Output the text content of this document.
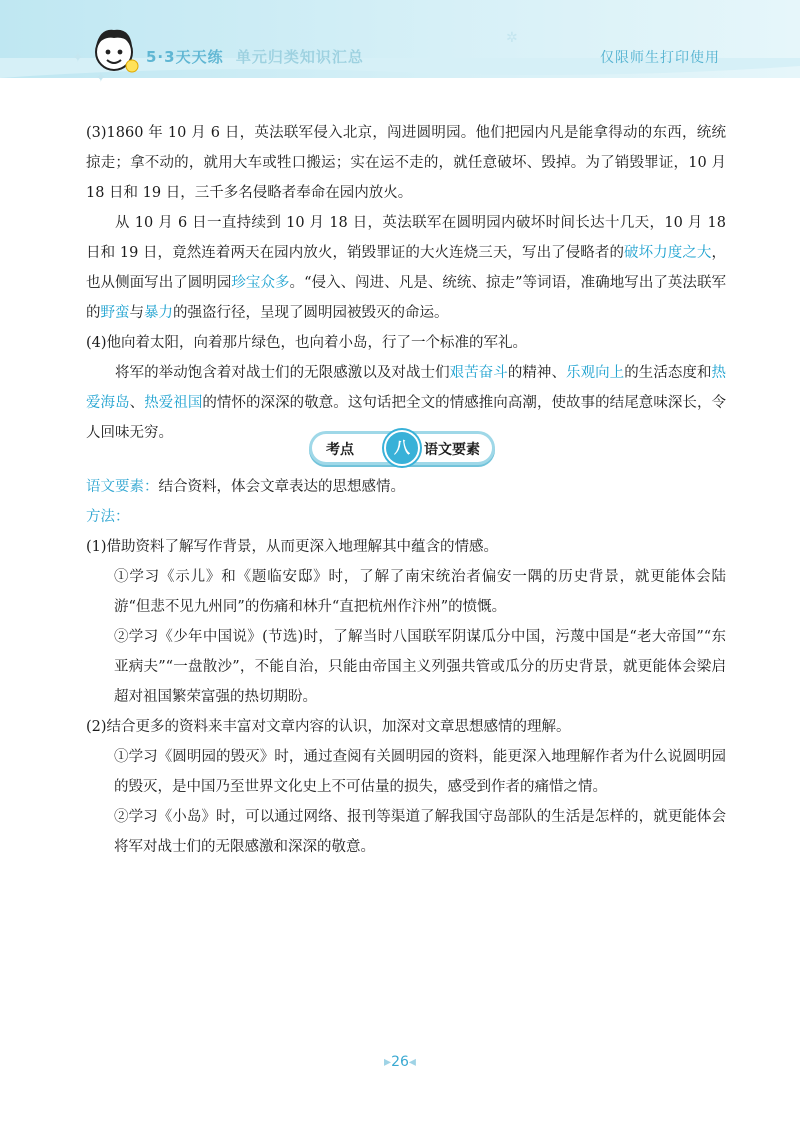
✦
✲
✦
5·3天天练 单元归类知识汇总	仅限师生打印使用

(3)1860 年 10 月 6 日，英法联军侵入北京，闯进圆明园。他们把园内凡是能拿得动的东西，统统掠走；拿不动的，就用大车或牲口搬运；实在运不走的，就任意破坏、毁掉。为了销毁罪证，10 月 18 日和 19 日，三千多名侵略者奉命在园内放火。

从 10 月 6 日一直持续到 10 月 18 日，英法联军在圆明园内破坏时间长达十几天，10 月 18 日和 19 日，竟然连着两天在园内放火，销毁罪证的大火连烧三天，写出了侵略者的破坏力度之大，也从侧面写出了圆明园珍宝众多。“侵入、闯进、凡是、统统、掠走”等词语，准确地写出了英法联军的野蛮与暴力的强盗行径，呈现了圆明园被毁灭的命运。

(4)他向着太阳，向着那片绿色，也向着小岛，行了一个标准的军礼。

将军的举动饱含着对战士们的无限感激以及对战士们艰苦奋斗的精神、乐观向上的生活态度和热爱海岛、热爱祖国的情怀的深深的敬意。这句话把全文的情感推向高潮，使故事的结尾意味深长，令人回味无穷。

考点	八	语文要素

语文要素：结合资料，体会文章表达的思想感情。

方法：

(1)借助资料了解写作背景，从而更深入地理解其中蕴含的情感。

①学习《示儿》和《题临安邸》时，了解了南宋统治者偏安一隅的历史背景，就更能体会陆游“但悲不见九州同”的伤痛和林升“直把杭州作汴州”的愤慨。

②学习《少年中国说》(节选)时，了解当时八国联军阴谋瓜分中国，污蔑中国是“老大帝国”“东亚病夫”“一盘散沙”，不能自治，只能由帝国主义列强共管或瓜分的历史背景，就更能体会梁启超对祖国繁荣富强的热切期盼。

(2)结合更多的资料来丰富对文章内容的认识，加深对文章思想感情的理解。

①学习《圆明园的毁灭》时，通过查阅有关圆明园的资料，能更深入地理解作者为什么说圆明园的毁灭，是中国乃至世界文化史上不可估量的损失，感受到作者的痛惜之情。

②学习《小岛》时，可以通过网络、报刊等渠道了解我国守岛部队的生活是怎样的，就更能体会将军对战士们的无限感激和深深的敬意。

▸26◂
